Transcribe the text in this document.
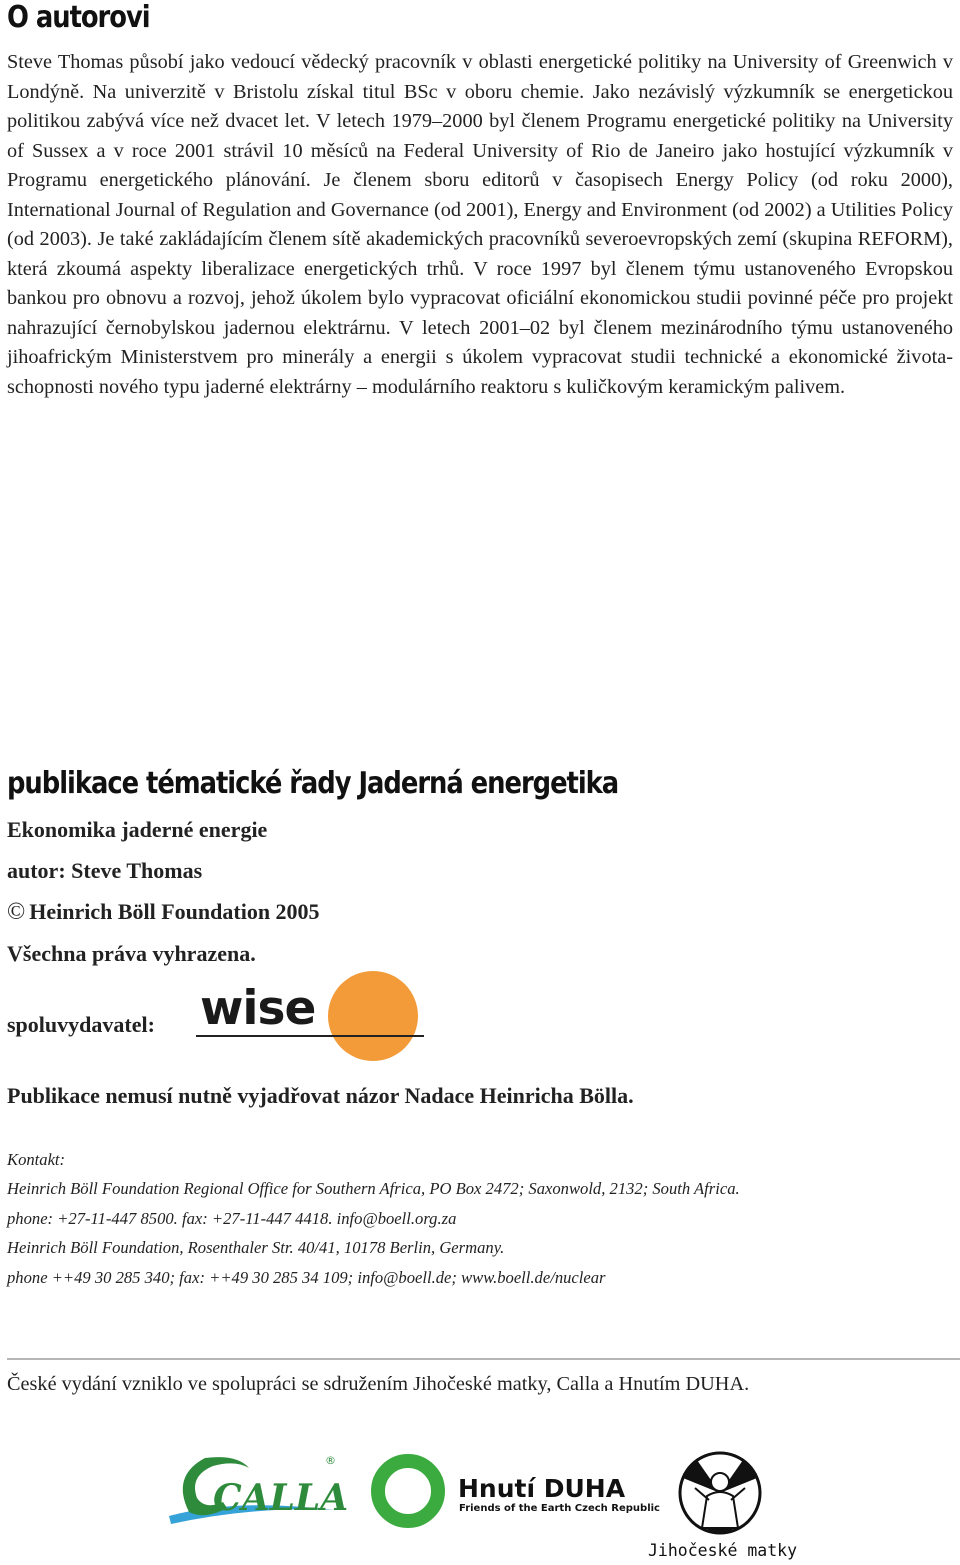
O autorovi

Steve Thomas působí jako vedoucí vědecký pracovník v oblasti energetické politiky na University of Greenwich v Londýně. Na univerzitě v Bristolu získal titul BSc v oboru chemie. Jako nezávislý výzkumník se energetickou politikou zabývá více než dvacet let. V letech 1979–2000 byl členem Programu energetické politiky na University of Sussex a v roce 2001 strávil 10 měsíců na Federal University of Rio de Janeiro jako hostující výzkumník v Programu energetického plánování. Je členem sboru editorů v časopisech Energy Policy (od roku 2000), International Journal of Regulation and Governance (od 2001), Energy and Environment (od 2002) a Utilities Policy (od 2003). Je také zakládajícím členem sítě akademických pracovníků severoevropských zemí (skupina REFORM), která zkoumá aspekty liberalizace energetických trhů. V roce 1997 byl členem týmu ustanoveného Evropskou bankou pro obnovu a rozvoj, jehož úkolem bylo vypracovat oficiální ekonomickou studii povinné péče pro projekt nahrazující černobylskou jadernou elektrárnu. V letech 2001–02 byl členem mezinárodního týmu ustanoveného jihoafrickým Ministerstvem pro minerály a energii s úkolem vypracovat studii technické a ekonomické životaschopnosti nového typu jaderné elektrárny – modulárního reaktoru s kuličkovým keramickým palivem.

publikace tématické řady Jaderná energetika

Ekonomika jaderné energie

autor: Steve Thomas

© Heinrich Böll Foundation 2005

Všechna práva vyhrazena.

spoluvydavatel: wise

Publikace nemusí nutně vyjadřovat názor Nadace Heinricha Bölla.

Kontakt:
Heinrich Böll Foundation Regional Office for Southern Africa, PO Box 2472; Saxonwold, 2132; South Africa.
phone: +27-11-447 8500. fax: +27-11-447 4418. info@boell.org.za
Heinrich Böll Foundation, Rosenthaler Str. 40/41, 10178 Berlin, Germany.
phone ++49 30 285 340; fax: ++49 30 285 34 109; info@boell.de; www.boell.de/nuclear

České vydání vzniklo ve spolupráci se sdružením Jihočeské matky, Calla a Hnutím DUHA.

CALLA
®
Hnutí DUHA
Friends of the Earth Czech Republic
Jihočeské matky
